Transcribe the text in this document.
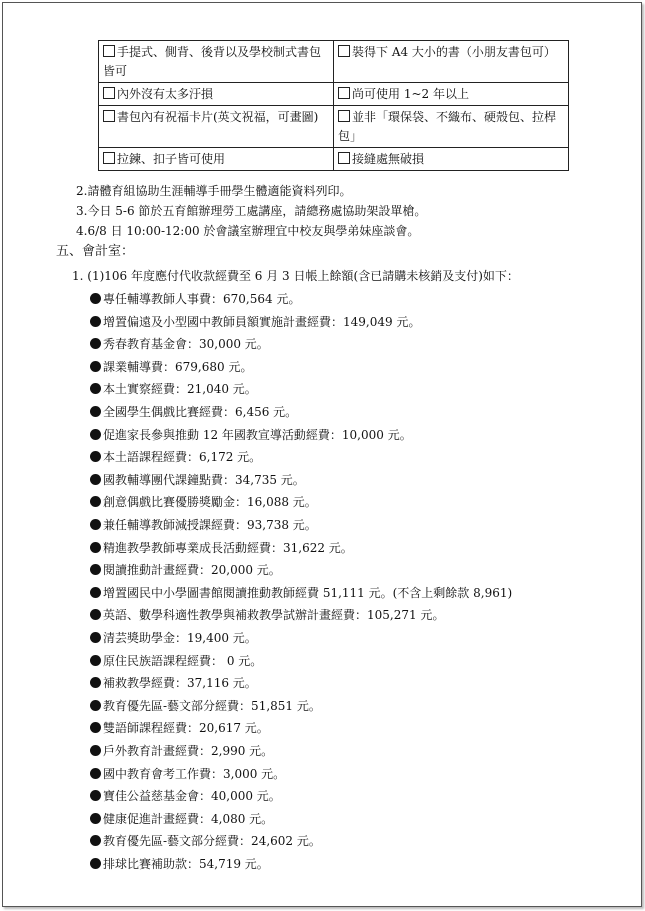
手提式、側背、後背以及學校制式書包皆可	裝得下 A4 大小的書（小朋友書包可）
內外沒有太多汙損	尚可使用 1~2 年以上
書包內有祝福卡片(英文祝福，可畫圖)	並非「環保袋、不織布、硬殼包、拉桿包」
拉鍊、扣子皆可使用	接縫處無破損
2.請體育組協助生涯輔導手冊學生體適能資料列印。
3.今日 5-6 節於五育館辦理勞工處講座，請總務處協助架設單槍。
4.6/8 日 10:00-12:00 於會議室辦理宜中校友與學弟妹座談會。
五、會計室：
1. (1)106 年度應付代收款經費至 6 月 3 日帳上餘額(含已請購未核銷及支付)如下：
專任輔導教師人事費：670,564 元。
增置偏遠及小型國中教師員額實施計畫經費：149,049 元。
秀春教育基金會：30,000 元。
課業輔導費：679,680 元。
本土實察經費：21,040 元。
全國學生偶戲比賽經費：6,456 元。
促進家長參與推動 12 年國教宣導活動經費：10,000 元。
本土語課程經費：6,172 元。
國教輔導團代課鐘點費：34,735 元。
創意偶戲比賽優勝獎勵金：16,088 元。
兼任輔導教師減授課經費：93,738 元。
精進教學教師專業成長活動經費：31,622 元。
閱讀推動計畫經費：20,000 元。
增置國民中小學圖書館閱讀推動教師經費 51,111 元。(不含上剩餘款 8,961)
英語、數學科適性教學與補救教學試辦計畫經費：105,271 元。
清芸獎助學金：19,400 元。
原住民族語課程經費： 0 元。
補救教學經費：37,116 元。
教育優先區-藝文部分經費：51,851 元。
雙語師課程經費：20,617 元。
戶外教育計畫經費：2,990 元。
國中教育會考工作費：3,000 元。
寶佳公益慈基金會：40,000 元。
健康促進計畫經費：4,080 元。
教育優先區-藝文部分經費：24,602 元。
排球比賽補助款：54,719 元。
